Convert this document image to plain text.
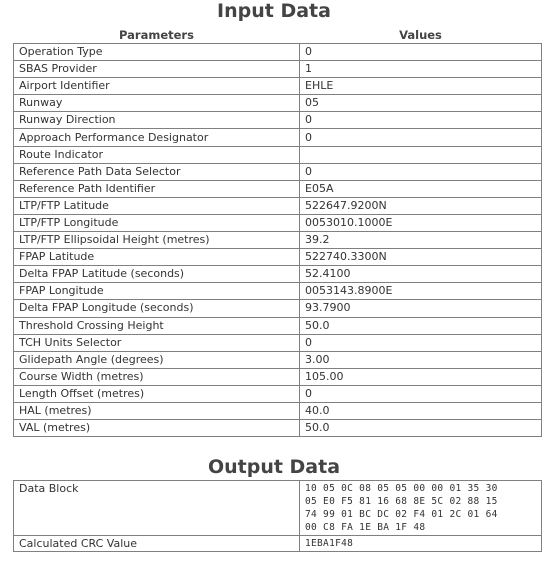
Input Data
Parameters	Values
Operation Type	0
SBAS Provider	1
Airport Identifier	EHLE
Runway	05
Runway Direction	0
Approach Performance Designator	0
Route Indicator	
Reference Path Data Selector	0
Reference Path Identifier	E05A
LTP/FTP Latitude	522647.9200N
LTP/FTP Longitude	0053010.1000E
LTP/FTP Ellipsoidal Height (metres)	39.2
FPAP Latitude	522740.3300N
Delta FPAP Latitude (seconds)	52.4100
FPAP Longitude	0053143.8900E
Delta FPAP Longitude (seconds)	93.7900
Threshold Crossing Height	50.0
TCH Units Selector	0
Glidepath Angle (degrees)	3.00
Course Width (metres)	105.00
Length Offset (metres)	0
HAL (metres)	40.0
VAL (metres)	50.0
Output Data
Data Block	10 05 0C 08 05 05 00 00 01 35 30
05 E0 F5 81 16 68 8E 5C 02 88 15
74 99 01 BC DC 02 F4 01 2C 01 64
00 C8 FA 1E BA 1F 48

Calculated CRC Value	1EBA1F48
